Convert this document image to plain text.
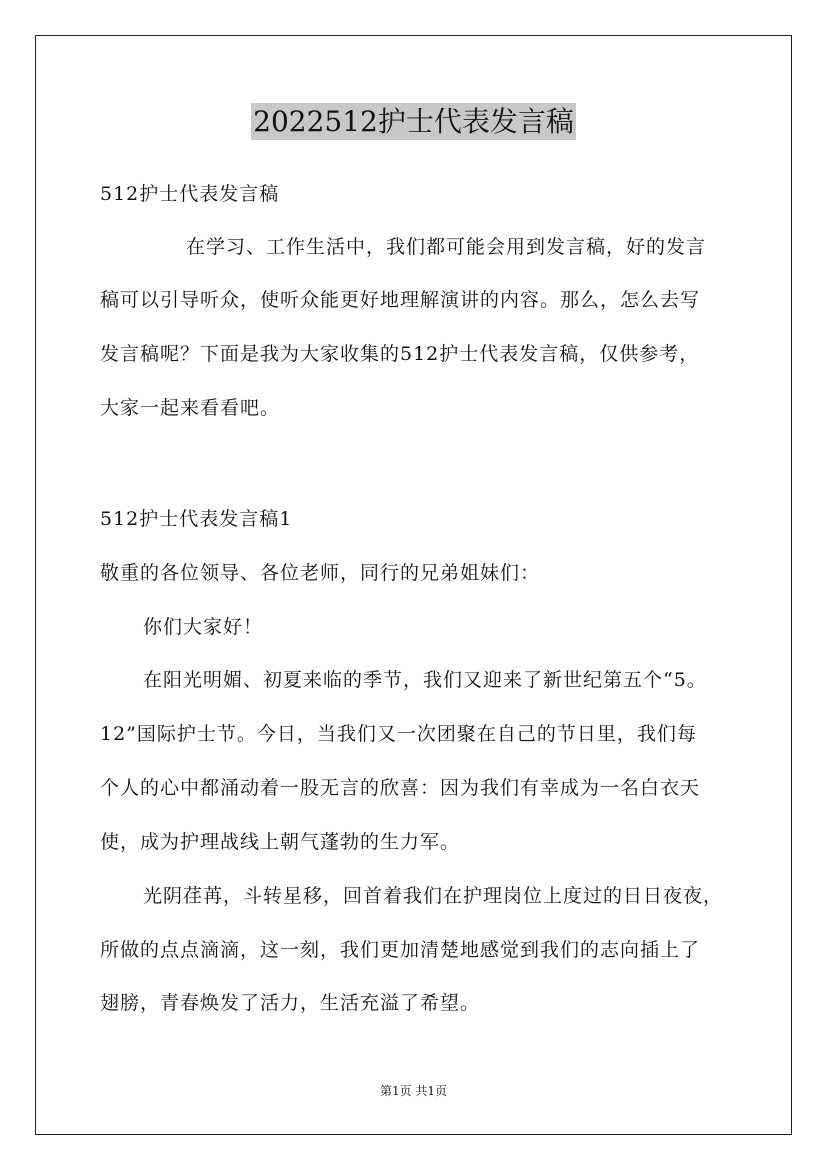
2022512护士代表发言稿
512护士代表发言稿
在学习、工作生活中，我们都可能会用到发言稿，好的发言
稿可以引导听众，使听众能更好地理解演讲的内容。那么，怎么去写
发言稿呢？下面是我为大家收集的512护士代表发言稿，仅供参考，
大家一起来看看吧。
512护士代表发言稿1
敬重的各位领导、各位老师，同行的兄弟姐妹们：
你们大家好！
在阳光明媚、初夏来临的季节，我们又迎来了新世纪第五个“5。
12”国际护士节。今日，当我们又一次团聚在自己的节日里，我们每
个人的心中都涌动着一股无言的欣喜：因为我们有幸成为一名白衣天
使，成为护理战线上朝气蓬勃的生力军。
光阴荏苒，斗转星移，回首着我们在护理岗位上度过的日日夜夜，
所做的点点滴滴，这一刻，我们更加清楚地感觉到我们的志向插上了
翅膀，青春焕发了活力，生活充溢了希望。
第1页 共1页
